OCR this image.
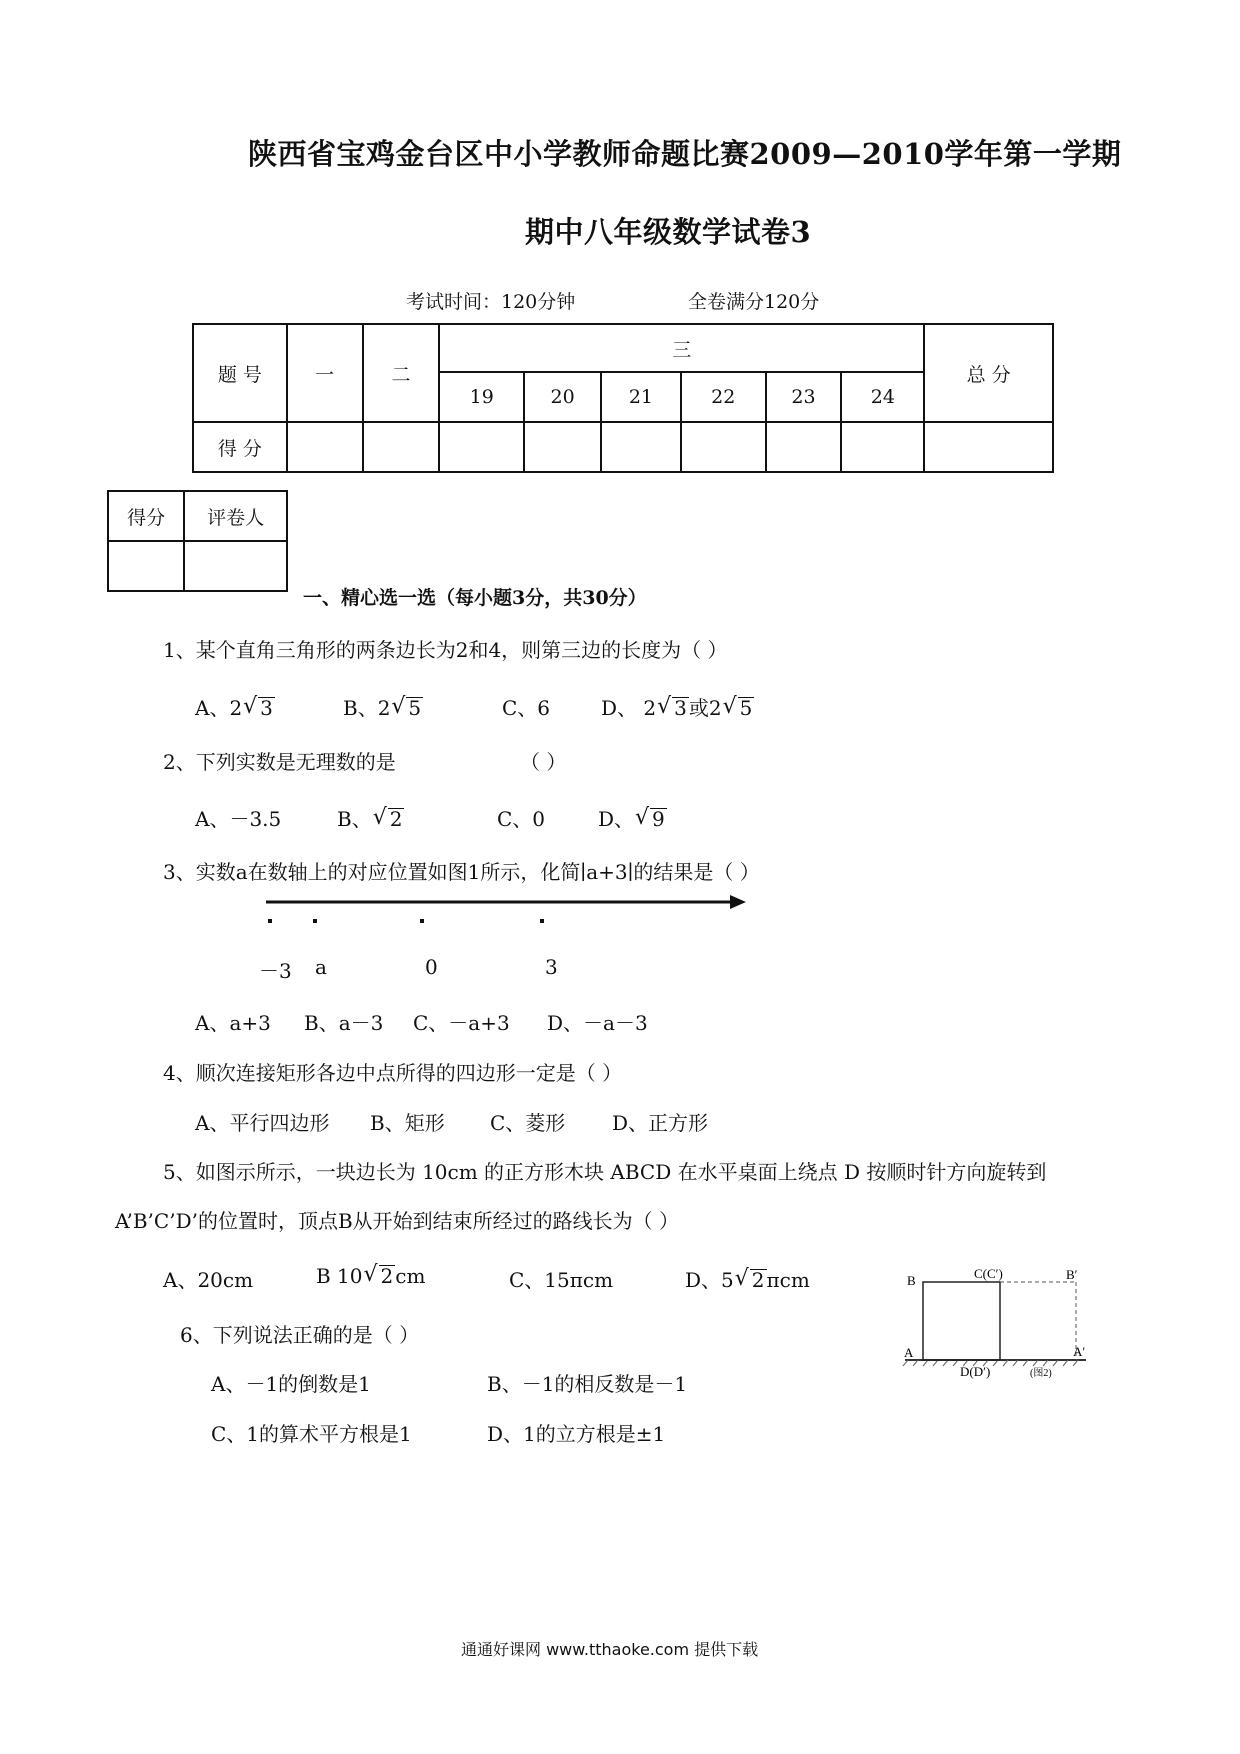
陕西省宝鸡金台区中小学教师命题比赛2009—2010学年第一学期
期中八年级数学试卷3
考试时间：120分钟	全卷满分120分
题 号	一	二	三						总 分
			19	20	21	22	23	24	
得 分									
得分	评卷人

一、精心选一选（每小题3分，共30分）
1、某个直角三角形的两条边长为2和4，则第三边的长度为（ ）
A、2 √ 3	B、2 √ 5	C、6	D、 2 √ 3 或2 √ 5
2、下列实数是无理数的是	（ ）
A、－3.5	B、 √ 2	C、0	D、 √ 9
3、实数a在数轴上的对应位置如图1所示，化简∣a+3∣的结果是（ ）
－3 a	0	3
A、a+3 B、a－3 C、－a+3 D、－a－3
4、顺次连接矩形各边中点所得的四边形一定是（ ）
A、平行四边形 B、矩形 C、菱形 D、正方形
5、如图示所示，一块边长为 10cm 的正方形木块 ABCD 在水平桌面上绕点 D 按顺时针方向旋转到
A’B’C’D’的位置时，顶点B从开始到结束所经过的路线长为（ ）
A、20cm	B 10 √ 2 cm	C、15πcm	D、5 √ 2 πcm	B	C(C′)	B′
A	A′
D(D′)	(图2)
6、下列说法正确的是（ ）
A、－1的倒数是1	B、－1的相反数是－1
C、1的算术平方根是1	D、1的立方根是±1
通通好课网 www.tthaoke.com 提供下载
